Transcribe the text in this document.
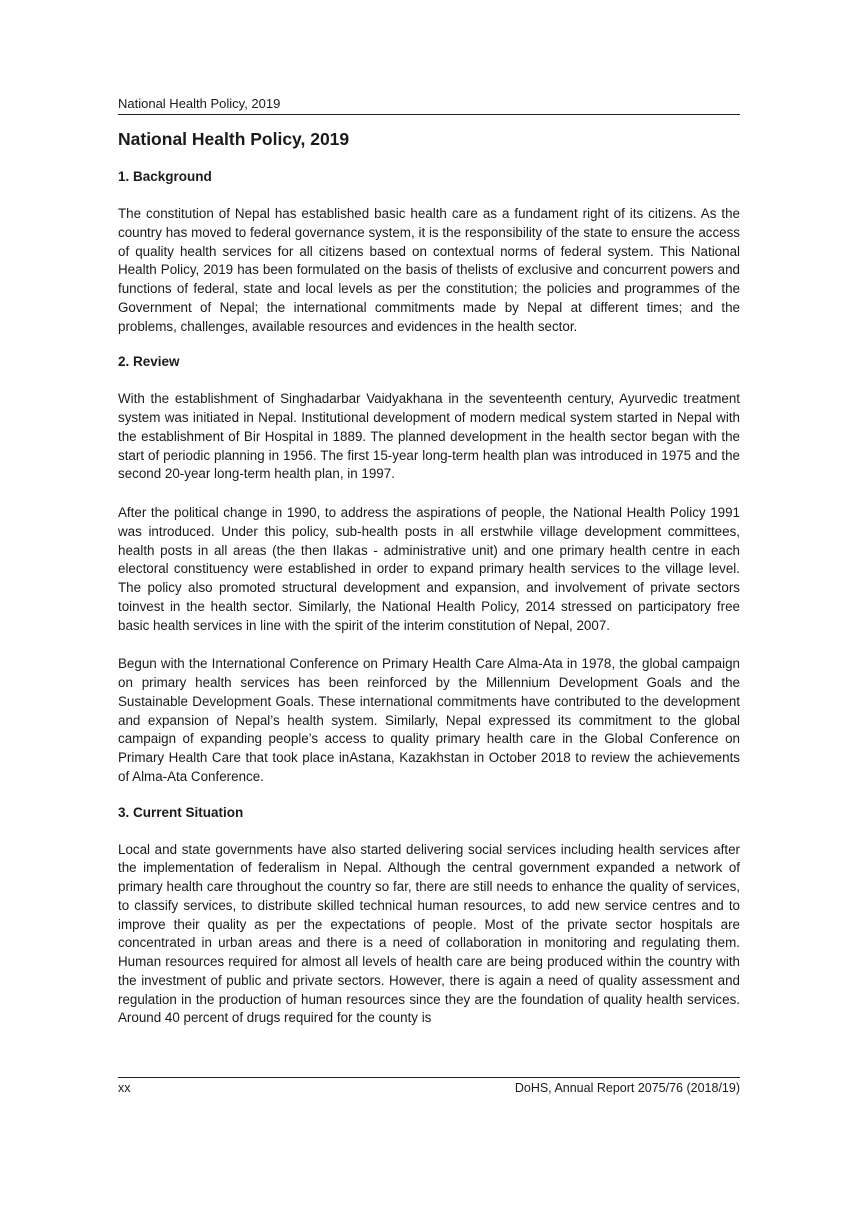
National Health Policy, 2019
National Health Policy, 2019
1. Background

The constitution of Nepal has established basic health care as a fundament right of its citizens. As the country has moved to federal governance system, it is the responsibility of the state to ensure the access of quality health services for all citizens based on contextual norms of federal system. This National Health Policy, 2019 has been formulated on the basis of thelists of exclusive and concurrent powers and functions of federal, state and local levels as per the constitution; the policies and programmes of the Government of Nepal; the international commitments made by Nepal at different times; and the problems, challenges, available resources and evidences in the health sector.

2. Review

With the establishment of Singhadarbar Vaidyakhana in the seventeenth century, Ayurvedic treatment system was initiated in Nepal. Institutional development of modern medical system started in Nepal with the establishment of Bir Hospital in 1889. The planned development in the health sector began with the start of periodic planning in 1956. The first 15-year long-term health plan was introduced in 1975 and the second 20-year long-term health plan, in 1997.

After the political change in 1990, to address the aspirations of people, the National Health Policy 1991 was introduced. Under this policy, sub-health posts in all erstwhile village development committees, health posts in all areas (the then Ilakas - administrative unit) and one primary health centre in each electoral constituency were established in order to expand primary health services to the village level. The policy also promoted structural development and expansion, and involvement of private sectors toinvest in the health sector. Similarly, the National Health Policy, 2014 stressed on participatory free basic health services in line with the spirit of the interim constitution of Nepal, 2007.

Begun with the International Conference on Primary Health Care Alma-Ata in 1978, the global campaign on primary health services has been reinforced by the Millennium Development Goals and the Sustainable Development Goals. These international commitments have contributed to the development and expansion of Nepal’s health system. Similarly, Nepal expressed its commitment to the global campaign of expanding people’s access to quality primary health care in the Global Conference on Primary Health Care that took place inAstana, Kazakhstan in October 2018 to review the achievements of Alma-Ata Conference.

3. Current Situation

Local and state governments have also started delivering social services including health services after the implementation of federalism in Nepal. Although the central government expanded a network of primary health care throughout the country so far, there are still needs to enhance the quality of services, to classify services, to distribute skilled technical human resources, to add new service centres and to improve their quality as per the expectations of people. Most of the private sector hospitals are concentrated in urban areas and there is a need of collaboration in monitoring and regulating them. Human resources required for almost all levels of health care are being produced within the country with the investment of public and private sectors. However, there is again a need of quality assessment and regulation in the production of human resources since they are the foundation of quality health services. Around 40 percent of drugs required for the county is

xx	DoHS, Annual Report 2075/76 (2018/19)
